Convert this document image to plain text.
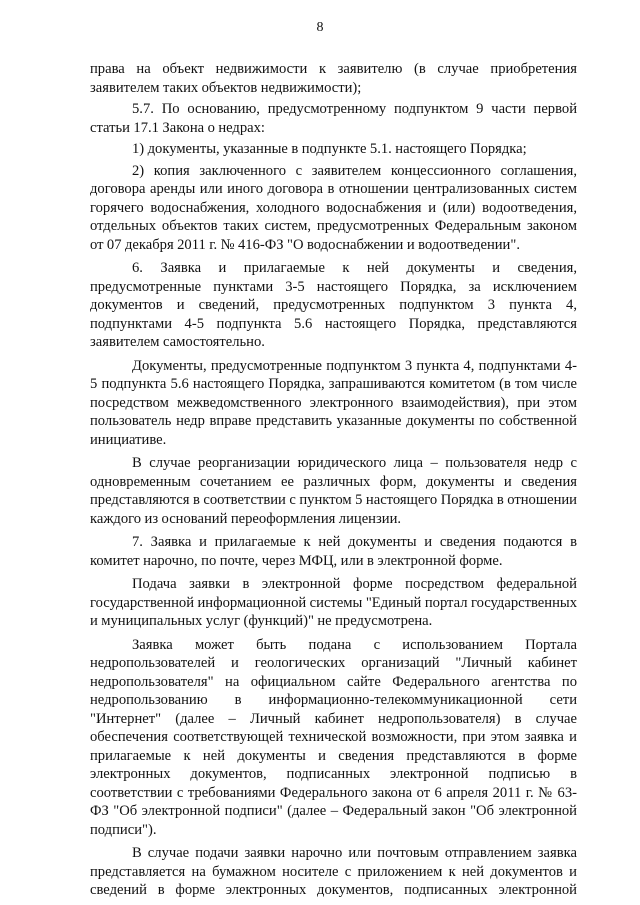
8

права на объект недвижимости к заявителю (в случае приобретения заявителем таких объектов недвижимости);

5.7. По основанию, предусмотренному подпунктом 9 части первой статьи 17.1 Закона о недрах:

1) документы, указанные в подпункте 5.1. настоящего Порядка;

2) копия заключенного с заявителем концессионного соглашения, договора аренды или иного договора в отношении централизованных систем горячего водоснабжения, холодного водоснабжения и (или) водоотведения, отдельных объектов таких систем, предусмотренных Федеральным законом от 07 декабря 2011 г. № 416-ФЗ "О водоснабжении и водоотведении".

6. Заявка и прилагаемые к ней документы и сведения, предусмотренные пунктами 3-5 настоящего Порядка, за исключением документов и сведений, предусмотренных подпунктом 3 пункта 4, подпунктами 4-5 подпункта 5.6 настоящего Порядка, представляются заявителем самостоятельно.

Документы, предусмотренные подпунктом 3 пункта 4, подпунктами 4-5 подпункта 5.6 настоящего Порядка, запрашиваются комитетом (в том числе посредством межведомственного электронного взаимодействия), при этом пользователь недр вправе представить указанные документы по собственной инициативе.

В случае реорганизации юридического лица – пользователя недр с одновременным сочетанием ее различных форм, документы и сведения представляются в соответствии с пунктом 5 настоящего Порядка в отношении каждого из оснований переоформления лицензии.

7. Заявка и прилагаемые к ней документы и сведения подаются в комитет нарочно, по почте, через МФЦ, или в электронной форме.

Подача заявки в электронной форме посредством федеральной государственной информационной системы "Единый портал государственных и муниципальных услуг (функций)" не предусмотрена.

Заявка может быть подана с использованием Портала недропользователей и геологических организаций "Личный кабинет недропользователя" на официальном сайте Федерального агентства по недропользованию в информационно-телекоммуникационной сети "Интернет" (далее – Личный кабинет недропользователя) в случае обеспечения соответствующей технической возможности, при этом заявка и прилагаемые к ней документы и сведения представляются в форме электронных документов, подписанных электронной подписью в соответствии с требованиями Федерального закона от 6 апреля 2011 г. № 63-ФЗ "Об электронной подписи" (далее – Федеральный закон "Об электронной подписи").

В случае подачи заявки нарочно или почтовым отправлением заявка представляется на бумажном носителе с приложением к ней документов и сведений в форме электронных документов, подписанных электронной
